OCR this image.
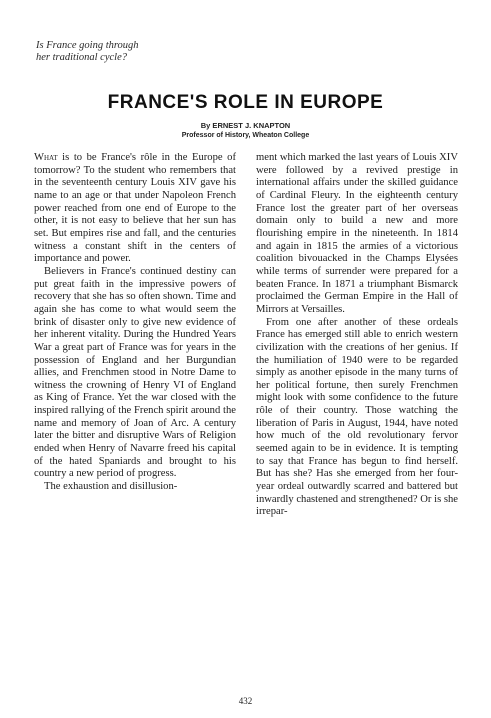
Is France going through
her traditional cycle?
FRANCE'S ROLE IN EUROPE
By ERNEST J. KNAPTON
Professor of History, Wheaton College

What is to be France's rôle in the Europe of tomorrow? To the student who remembers that in the seventeenth century Louis XIV gave his name to an age or that under Napoleon French power reached from one end of Europe to the other, it is not easy to believe that her sun has set. But empires rise and fall, and the centuries witness a constant shift in the centers of importance and power.

Believers in France's continued destiny can put great faith in the impressive powers of recovery that she has so often shown. Time and again she has come to what would seem the brink of disaster only to give new evidence of her inherent vitality. During the Hundred Years War a great part of France was for years in the possession of England and her Burgundian allies, and Frenchmen stood in Notre Dame to witness the crowning of Henry VI of England as King of France. Yet the war closed with the inspired rallying of the French spirit around the name and memory of Joan of Arc. A century later the bitter and disruptive Wars of Religion ended when Henry of Navarre freed his capital of the hated Spaniards and brought to his country a new period of progress.

The exhaustion and disillusion-

ment which marked the last years of Louis XIV were followed by a revived prestige in international affairs under the skilled guidance of Cardinal Fleury. In the eighteenth century France lost the greater part of her overseas domain only to build a new and more flourishing empire in the nineteenth. In 1814 and again in 1815 the armies of a victorious coalition bivouacked in the Champs Elysées while terms of surrender were prepared for a beaten France. In 1871 a triumphant Bismarck proclaimed the German Empire in the Hall of Mirrors at Versailles.

From one after another of these ordeals France has emerged still able to enrich western civilization with the creations of her genius. If the humiliation of 1940 were to be regarded simply as another episode in the many turns of her political fortune, then surely Frenchmen might look with some confidence to the future rôle of their country. Those watching the liberation of Paris in August, 1944, have noted how much of the old revolutionary fervor seemed again to be in evidence. It is tempting to say that France has begun to find herself. But has she? Has she emerged from her four-year ordeal outwardly scarred and battered but inwardly chastened and strengthened? Or is she irrepar-

432
